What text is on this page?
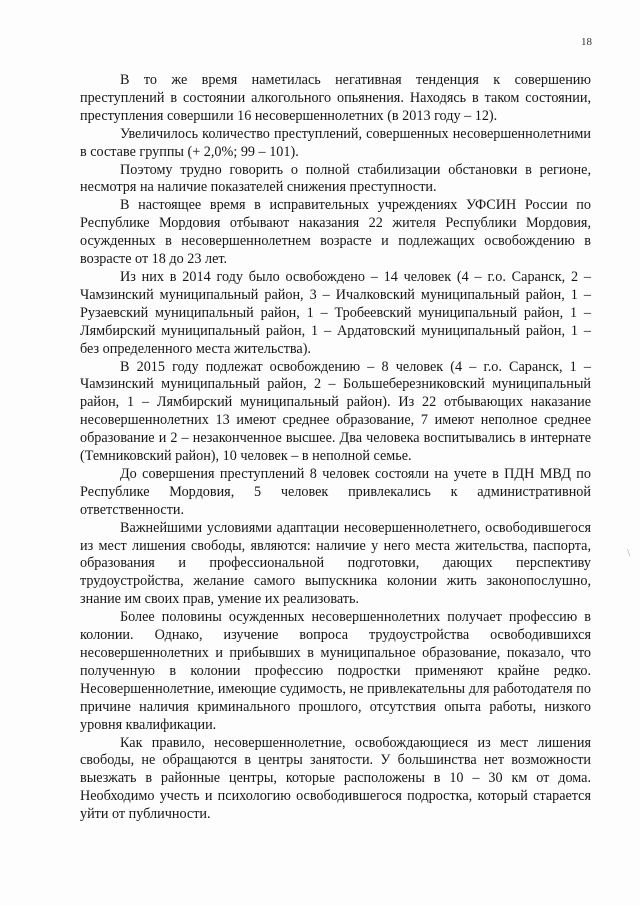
18

В то же время наметилась негативная тенденция к совершению преступлений в состоянии алкогольного опьянения. Находясь в таком состоянии, преступления совершили 16 несовершеннолетних (в 2013 году – 12).

Увеличилось количество преступлений, совершенных несовершеннолетними в составе группы (+ 2,0%; 99 – 101).

Поэтому трудно говорить о полной стабилизации обстановки в регионе, несмотря на наличие показателей снижения преступности.

В настоящее время в исправительных учреждениях УФСИН России по Республике Мордовия отбывают наказания 22 жителя Республики Мордовия, осужденных в несовершеннолетнем возрасте и подлежащих освобождению в возрасте от 18 до 23 лет.

Из них в 2014 году было освобождено – 14 человек (4 – г.о. Саранск, 2 – Чамзинский муниципальный район, 3 – Ичалковский муниципальный район, 1 – Рузаевский муниципальный район, 1 – Тробеевский муниципальный район, 1 – Лямбирский муниципальный район, 1 – Ардатовский муниципальный район, 1 – без определенного места жительства).

В 2015 году подлежат освобождению – 8 человек (4 – г.о. Саранск, 1 – Чамзинский муниципальный район, 2 – Большеберезниковский муниципальный район, 1 – Лямбирский муниципальный район). Из 22 отбывающих наказание несовершеннолетних 13 имеют среднее образование, 7 имеют неполное среднее образование и 2 – незаконченное высшее. Два человека воспитывались в интернате (Темниковский район), 10 человек – в неполной семье.

До совершения преступлений 8 человек состояли на учете в ПДН МВД по Республике Мордовия, 5 человек привлекались к административной ответственности.

Важнейшими условиями адаптации несовершеннолетнего, освободившегося из мест лишения свободы, являются: наличие у него места жительства, паспорта, образования и профессиональной подготовки, дающих перспективу трудоустройства, желание самого выпускника колонии жить законопослушно, знание им своих прав, умение их реализовать.

Более половины осужденных несовершеннолетних получает профессию в колонии. Однако, изучение вопроса трудоустройства освободившихся несовершеннолетних и прибывших в муниципальное образование, показало, что полученную в колонии профессию подростки применяют крайне редко. Несовершеннолетние, имеющие судимость, не привлекательны для работодателя по причине наличия криминального прошлого, отсутствия опыта работы, низкого уровня квалификации.

Как правило, несовершеннолетние, освобождающиеся из мест лишения свободы, не обращаются в центры занятости. У большинства нет возможности выезжать в районные центры, которые расположены в 10 – 30 км от дома. Необходимо учесть и психологию освободившегося подростка, который старается уйти от публичности.

\
